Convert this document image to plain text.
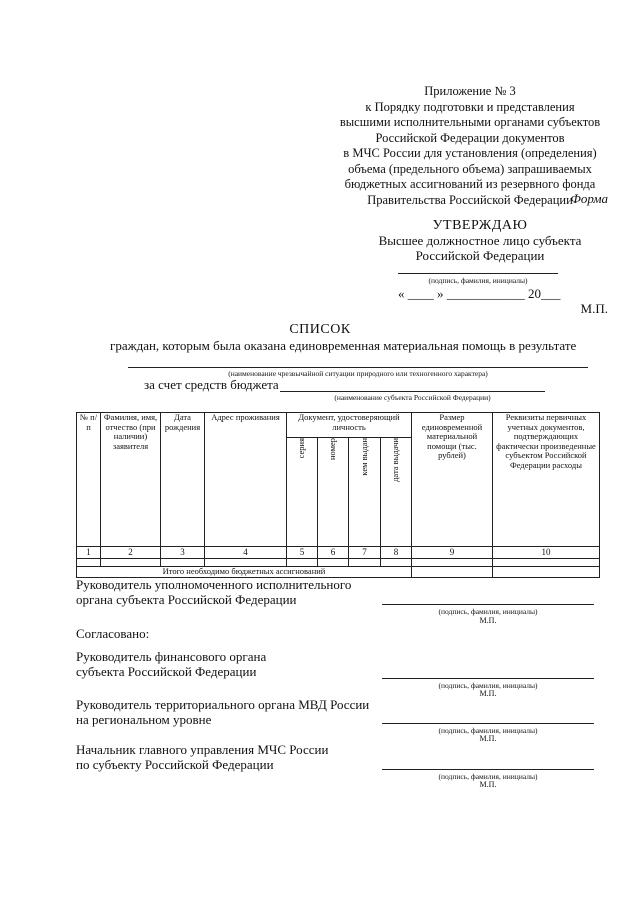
Приложение № 3
к Порядку подготовки и представления
высшими исполнительными органами субъектов
Российской Федерации документов
в МЧС России для установления (определения)
объема (предельного объема) запрашиваемых
бюджетных ассигнований из резервного фонда
Правительства Российской Федерации
Форма
УТВЕРЖДАЮ
Высшее должностное лицо субъекта
Российской Федерации
(подпись, фамилия, инициалы)
« ____ » ____________ 20___
М.П.
СПИСОК
граждан, которым была оказана единовременная материальная помощь в результате
(наименование чрезвычайной ситуации природного или техногенного характера)
за счет средств бюджета
(наименование субъекта Российской Федерации)
№ п/п	Фамилия, имя, отчество (при наличии) заявителя	Дата рождения	Адрес проживания	Документ, удостоверяющий личность				Размер единовременной материальной помощи (тыс. рублей)	Реквизиты первичных учетных документов, подтверждающих фактически произведенные субъектом Российской Федерации расходы
				серия	номер	кем выдан	дата выдачи		
1	2	3	4	5	6	7	8	9	10

Итого необходимо бюджетных ассигнований									
Руководитель уполномоченного исполнительного
органа субъекта Российской Федерации
(подпись, фамилия, инициалы)
М.П.
Согласовано:
Руководитель финансового органа
субъекта Российской Федерации
(подпись, фамилия, инициалы)
М.П.
Руководитель территориального органа МВД России
на региональном уровне
(подпись, фамилия, инициалы)
М.П.
Начальник главного управления МЧС России
по субъекту Российской Федерации
(подпись, фамилия, инициалы)
М.П.
